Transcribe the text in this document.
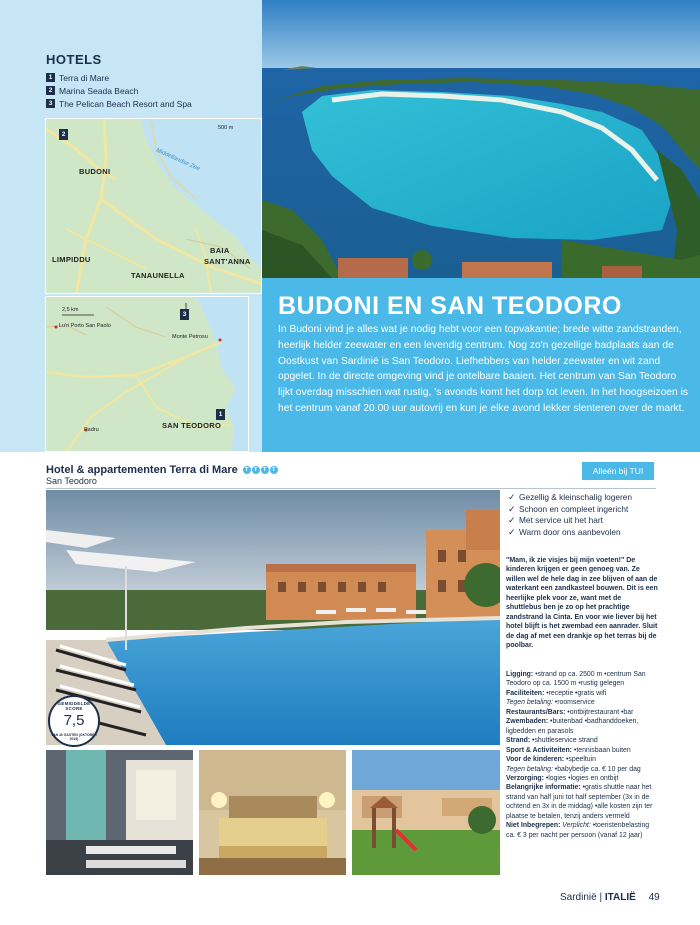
HOTELS
1 Terra di Mare
2 Marina Seada Beach
3 The Pelican Beach Resort and Spa
2
500 m
Middellandse Zee
BUDONI
LIMPIDDU
TANAUNELLA
BAIA
SANT'ANNA
2,5 km
Lu'ri Porto San Paolo
Monte Petrosu
Padru	SAN TEODORO
3
1
BUDONI EN SAN TEODORO

In Budoni vind je alles wat je nodig hebt voor een topvakantie; brede witte zandstranden, heerlijk helder zeewater en een levendig centrum. Nog zo'n gezellige badplaats aan de Oostkust van Sardinië is San Teodoro. Liefhebbers van helder zeewater en wit zand opgelet. In de directe omgeving vind je ontelbare baaien. Het centrum van San Teodoro lijkt overdag misschien wat rustig, 's avonds komt het dorp tot leven. In het hoogseizoen is het centrum vanaf 20.00 uur autovrij en kun je elke avond lekker slenteren over de markt.

Hotel & appartementen Terra di Mare	T	T	T	T
San Teodoro
Alleén bij TUI
GEMIDDELDE SCORE
7,5
VAN 40 GASTEN (OKTOBER 2016)
✓ Gezellig & kleinschalig logeren
✓ Schoon en compleet ingericht
✓ Met service uit het hart
✓ Warm door ons aanbevolen

"Mam, ik zie visjes bij mijn voeten!" De kinderen krijgen er geen genoeg van. Ze willen wel de hele dag in zee blijven of aan de waterkant een zandkasteel bouwen. Dit is een heerlijke plek voor ze, want met de shuttlebus ben je zo op het prachtige zandstrand la Cinta. En voor wie liever bij het hotel blijft is het zwembad een aanrader. Sluit de dag af met een drankje op het terras bij de poolbar.

Ligging: •strand op ca. 2500 m •centrum San Teodoro op ca. 1500 m •rustig gelegen

Faciliteiten: •receptie •gratis wifi

Tegen betaling: •roomservice

Restaurants/Bars: •ontbijtrestaurant •bar

Zwembaden: •buitenbad •badhanddoeken, ligbedden en parasols

Strand: •shuttleservice strand

Sport & Activiteiten: •tennisbaan buiten

Voor de kinderen: •speeltuin

Tegen betaling: •babybedje ca. € 10 per dag

Verzorging: •logies •logies en ontbijt

Belangrijke informatie: •gratis shuttle naar het strand van half juni tot half september (3x in de ochtend en 3x in de middag) •alle kosten zijn ter plaatse te betalen, tenzij anders vermeld

Niet Inbegrepen: Verplicht: •toeristenbelasting ca. € 3 per nacht per persoon (vanaf 12 jaar)

Sardinië | ITALIË 49
